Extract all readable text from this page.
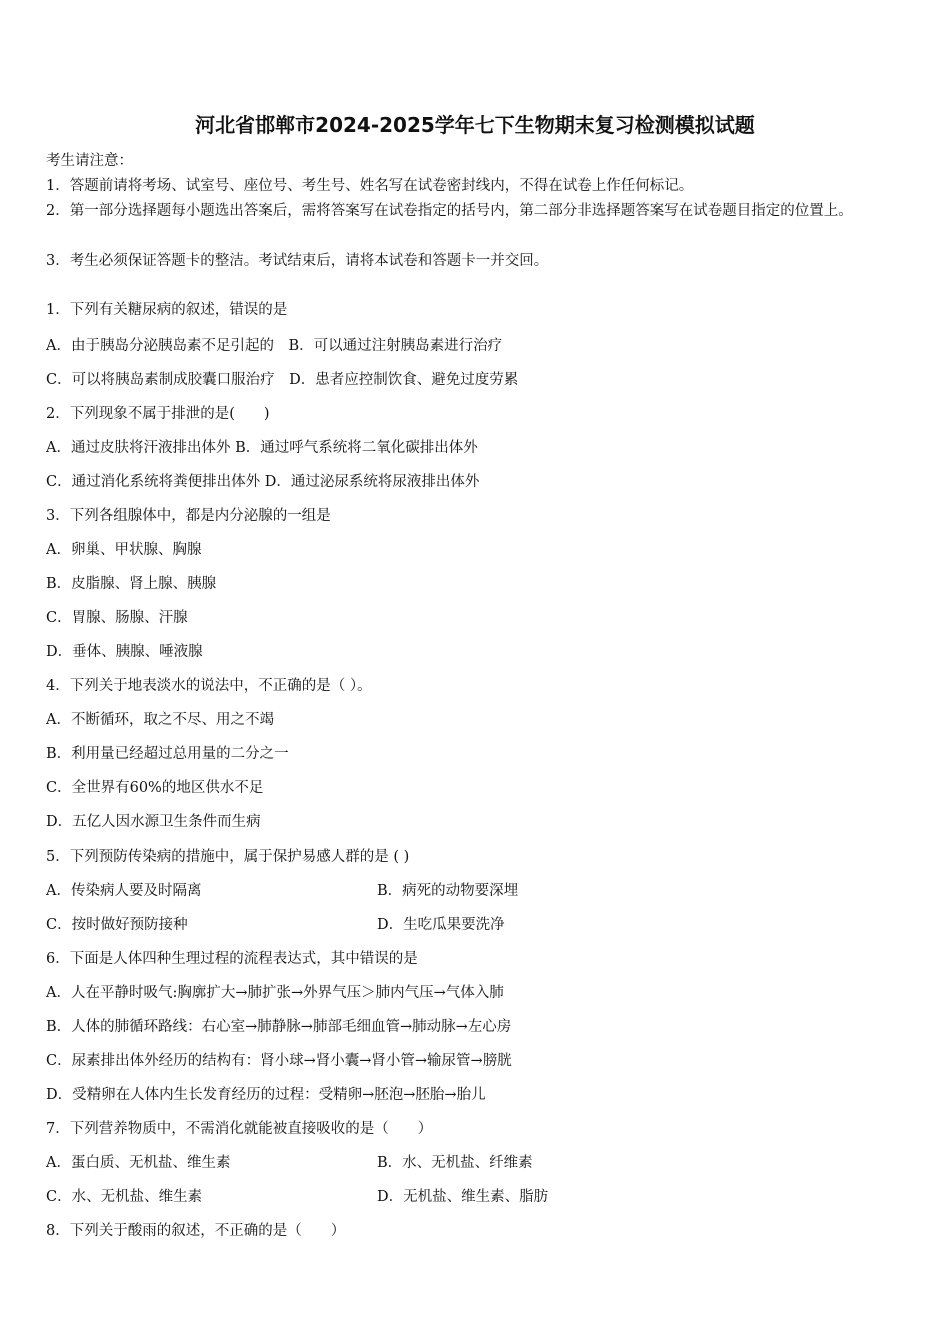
河北省邯郸市2024-2025学年七下生物期末复习检测模拟试题
考生请注意：
1．答题前请将考场、试室号、座位号、考生号、姓名写在试卷密封线内，不得在试卷上作任何标记。
2．第一部分选择题每小题选出答案后，需将答案写在试卷指定的括号内，第二部分非选择题答案写在试卷题目指定的位置上。
3．考生必须保证答题卡的整洁。考试结束后，请将本试卷和答题卡一并交回。
1．下列有关糖尿病的叙述，错误的是
A．由于胰岛分泌胰岛素不足引起的　B．可以通过注射胰岛素进行治疗
C．可以将胰岛素制成胶囊口服治疗　D．患者应控制饮食、避免过度劳累
2．下列现象不属于排泄的是(　　)
A．通过皮肤将汗液排出体外 B．通过呼气系统将二氧化碳排出体外
C．通过消化系统将粪便排出体外 D．通过泌尿系统将尿液排出体外
3．下列各组腺体中，都是内分泌腺的一组是
A．卵巢、甲状腺、胸腺
B．皮脂腺、肾上腺、胰腺
C．胃腺、肠腺、汗腺
D．垂体、胰腺、唾液腺
4．下列关于地表淡水的说法中，不正确的是（ ）。
A．不断循环，取之不尽、用之不竭
B．利用量已经超过总用量的二分之一
C．全世界有60%的地区供水不足
D．五亿人因水源卫生条件而生病
5．下列预防传染病的措施中，属于保护易感人群的是 ( )
A．传染病人要及时隔离	B．病死的动物要深埋
C．按时做好预防接种	D．生吃瓜果要洗净
6．下面是人体四种生理过程的流程表达式，其中错误的是
A．人在平静时吸气:胸廓扩大→肺扩张→外界气压＞肺内气压→气体入肺
B．人体的肺循环路线：右心室→肺静脉→肺部毛细血管→肺动脉→左心房
C．尿素排出体外经历的结构有：肾小球→肾小囊→肾小管→输尿管→膀胱
D．受精卵在人体内生长发育经历的过程：受精卵→胚泡→胚胎→胎儿
7．下列营养物质中，不需消化就能被直接吸收的是（　　）
A．蛋白质、无机盐、维生素	B．水、无机盐、纤维素
C．水、无机盐、维生素	D．无机盐、维生素、脂肪
8．下列关于酸雨的叙述，不正确的是（　　）
